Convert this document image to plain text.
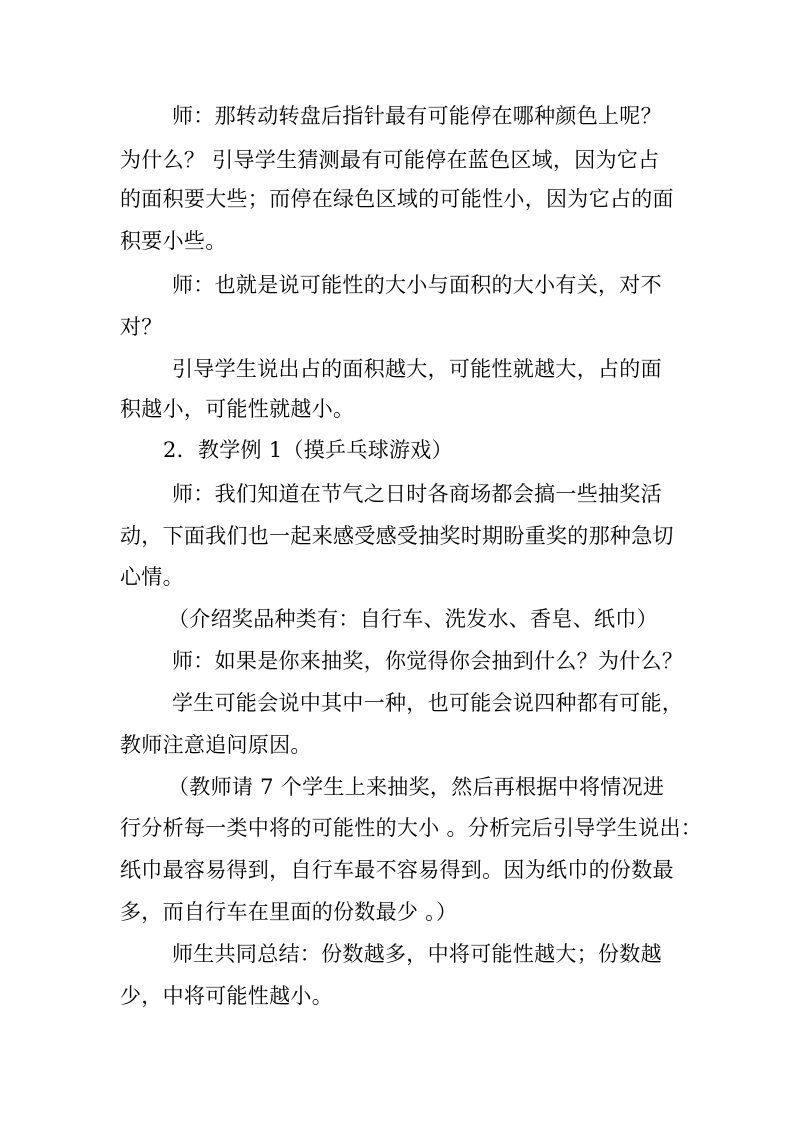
师：那转动转盘后指针最有可能停在哪种颜色上呢？
为什么？ 引导学生猜测最有可能停在蓝色区域，因为它占
的面积要大些；而停在绿色区域的可能性小，因为它占的面
积要小些。
师：也就是说可能性的大小与面积的大小有关，对不
对？
引导学生说出占的面积越大，可能性就越大，占的面
积越小，可能性就越小。
2．教学例 1（摸乒乓球游戏）
师：我们知道在节气之日时各商场都会搞一些抽奖活
动，下面我们也一起来感受感受抽奖时期盼重奖的那种急切
心情。
（介绍奖品种类有：自行车、洗发水、香皂、纸巾）
师：如果是你来抽奖，你觉得你会抽到什么？为什么？
学生可能会说中其中一种，也可能会说四种都有可能，
教师注意追问原因。
（教师请 7 个学生上来抽奖，然后再根据中将情况进
行分析每一类中将的可能性的大小 。分析完后引导学生说出：
纸巾最容易得到，自行车最不容易得到。因为纸巾的份数最
多，而自行车在里面的份数最少 。）
师生共同总结：份数越多，中将可能性越大；份数越
少，中将可能性越小。
